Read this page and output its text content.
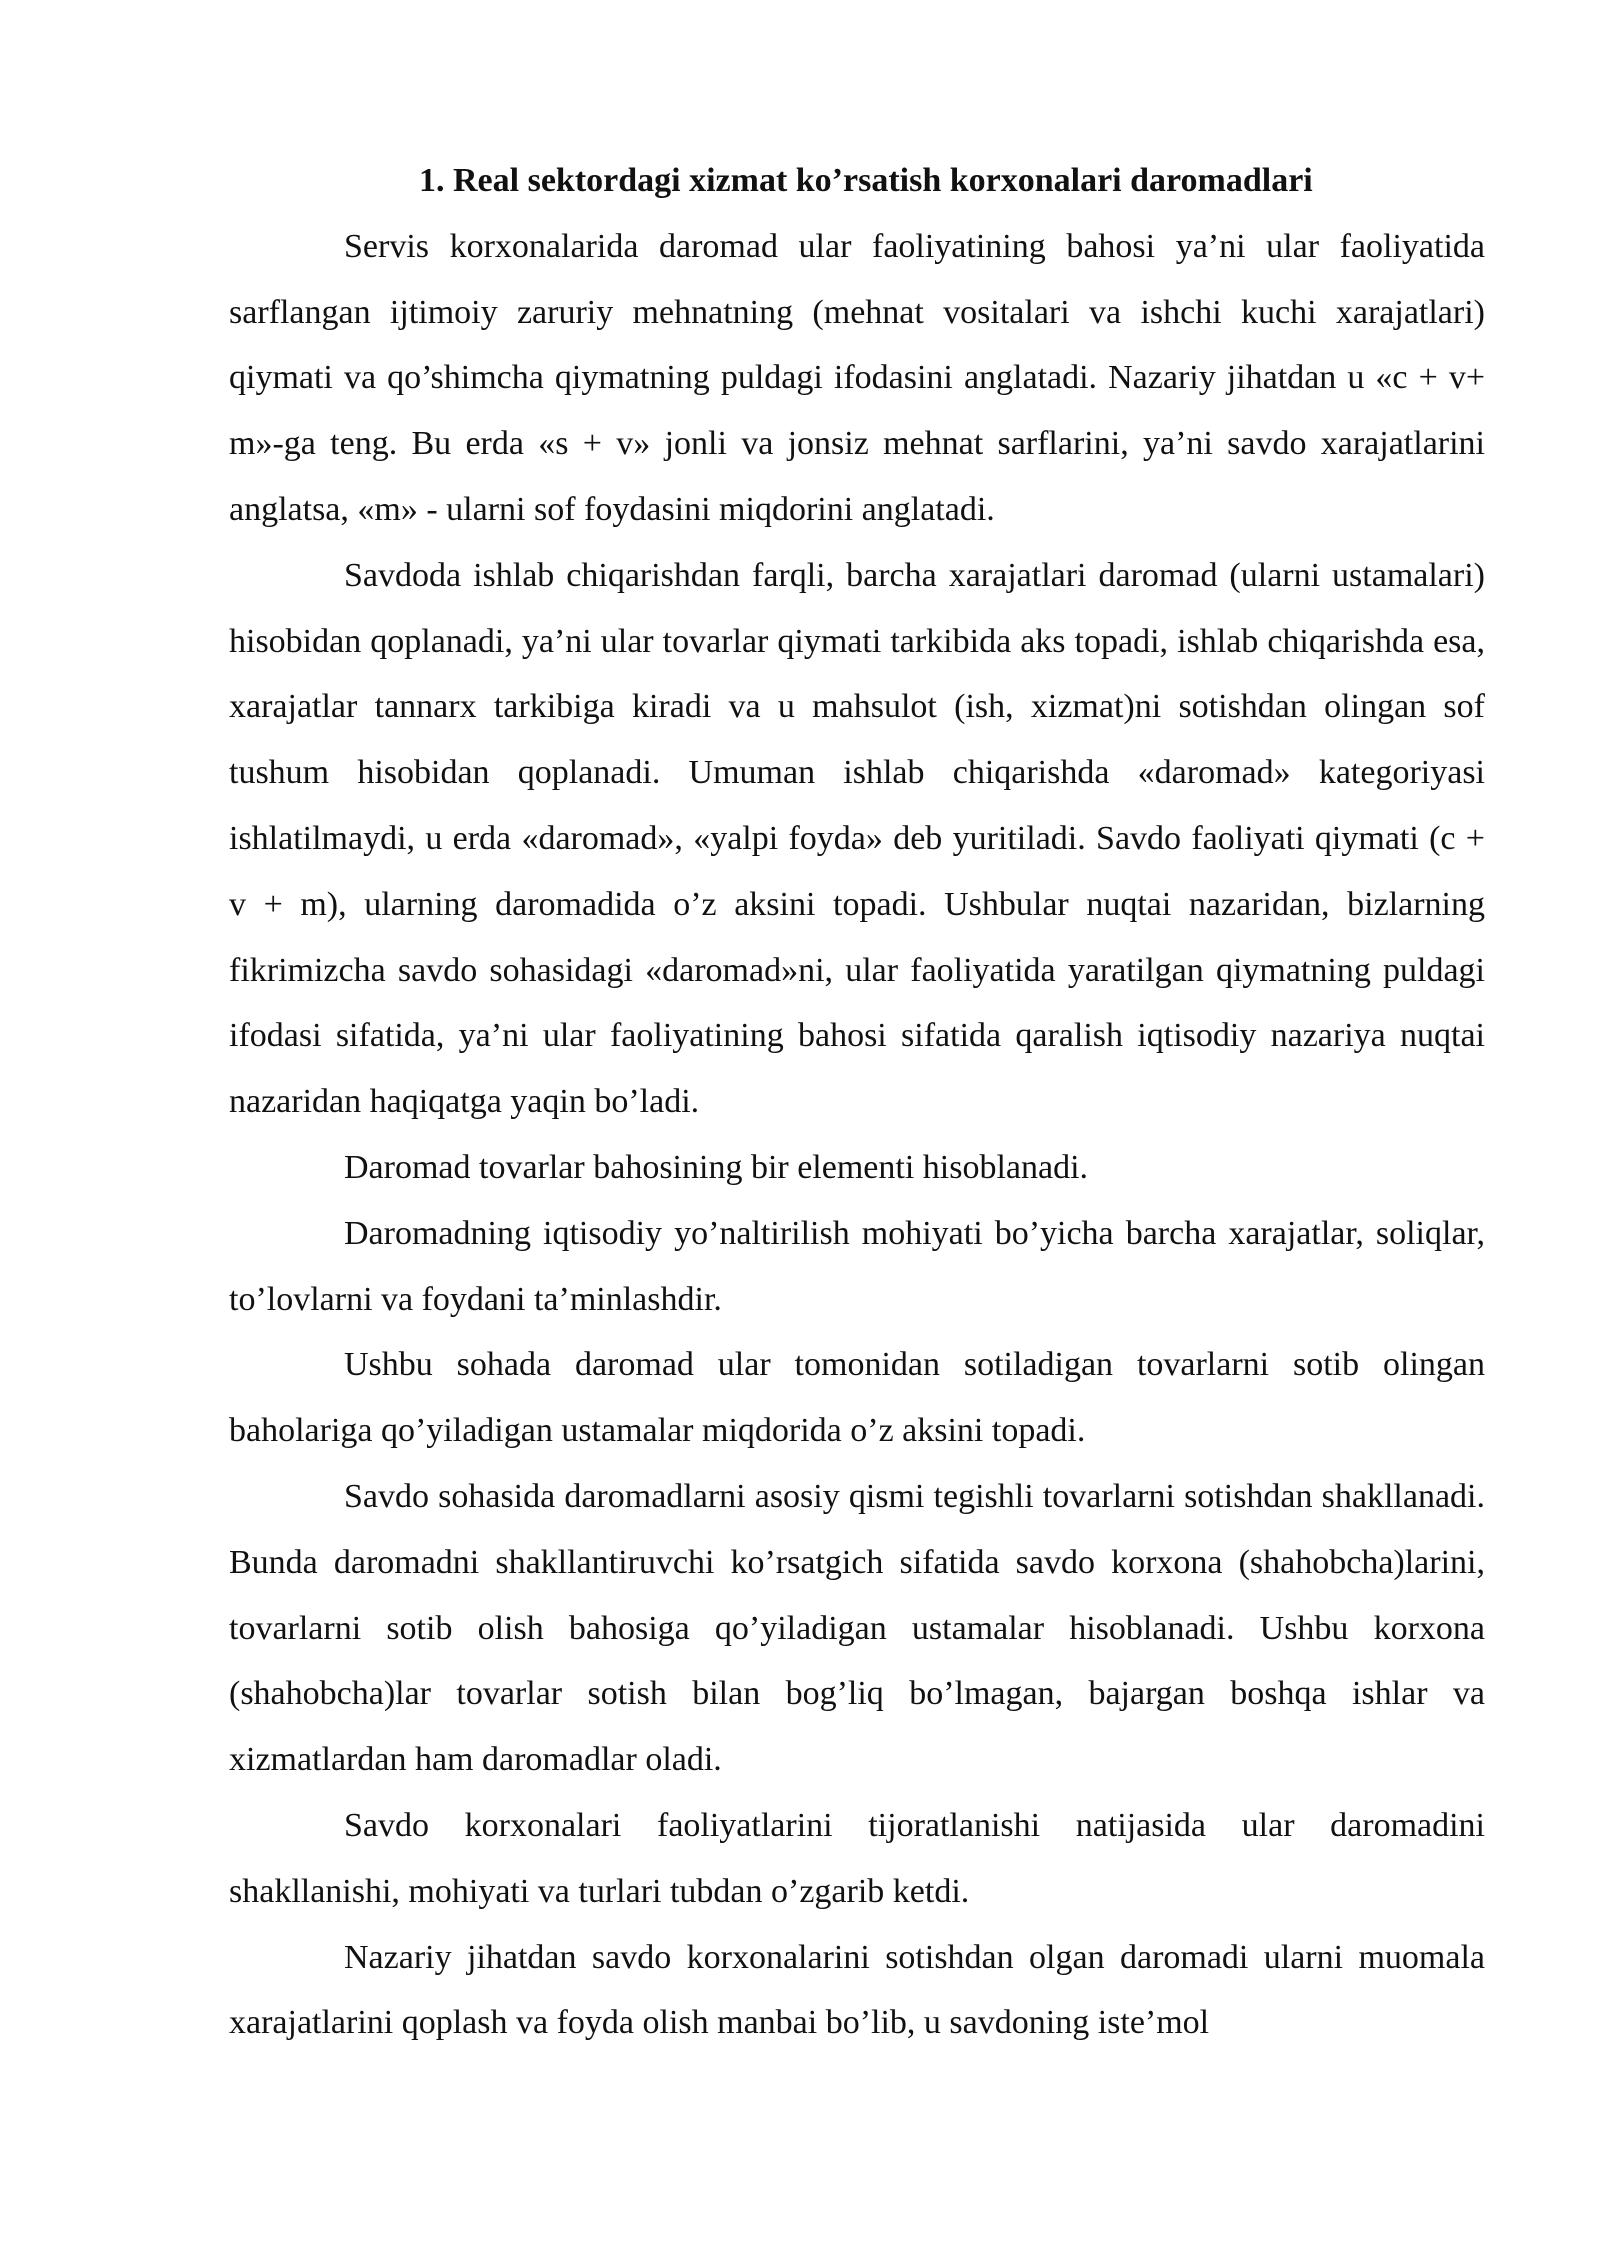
1. Real sektordagi xizmat ko’rsatish korxonalari daromadlari

Servis korxonalarida daromad ular faoliyatining bahosi ya’ni ular faoliyatida sarflangan ijtimoiy zaruriy mehnatning (mehnat vositalari va ishchi kuchi xarajatlari) qiymati va qo’shimcha qiymatning puldagi ifodasini anglatadi. Nazariy jihatdan u «c + v+ m»-ga teng. Bu erda «s + v» jonli va jonsiz mehnat sarflarini, ya’ni savdo xarajatlarini anglatsa, «m» - ularni sof foydasini miqdorini anglatadi.

Savdoda ishlab chiqarishdan farqli, barcha xarajatlari daromad (ularni ustamalari) hisobidan qoplanadi, ya’ni ular tovarlar qiymati tarkibida aks topadi, ishlab chiqarishda esa, xarajatlar tannarx tarkibiga kiradi va u mahsulot (ish, xizmat)ni sotishdan olingan sof tushum hisobidan qoplanadi. Umuman ishlab chiqarishda «daromad» kategoriyasi ishlatilmaydi, u erda «daromad», «yalpi foyda» deb yuritiladi. Savdo faoliyati qiymati (c + v + m), ularning daromadida o’z aksini topadi. Ushbular nuqtai nazaridan, bizlarning fikrimizcha savdo sohasidagi «daromad»ni, ular faoliyatida yaratilgan qiymatning puldagi ifodasi sifatida, ya’ni ular faoliyatining bahosi sifatida qaralish iqtisodiy nazariya nuqtai nazaridan haqiqatga yaqin bo’ladi.

Daromad tovarlar bahosining bir elementi hisoblanadi.

Daromadning iqtisodiy yo’naltirilish mohiyati bo’yicha barcha xarajatlar, soliqlar, to’lovlarni va foydani ta’minlashdir.

Ushbu sohada daromad ular tomonidan sotiladigan tovarlarni sotib olingan baholariga qo’yiladigan ustamalar miqdorida o’z aksini topadi.

Savdo sohasida daromadlarni asosiy qismi tegishli tovarlarni sotishdan shakllanadi. Bunda daromadni shakllantiruvchi ko’rsatgich sifatida savdo korxona (shahobcha)larini, tovarlarni sotib olish bahosiga qo’yiladigan ustamalar hisoblanadi. Ushbu korxona (shahobcha)lar tovarlar sotish bilan bog’liq bo’lmagan, bajargan boshqa ishlar va xizmatlardan ham daromadlar oladi.

Savdo korxonalari faoliyatlarini tijoratlanishi natijasida ular daromadini shakllanishi, mohiyati va turlari tubdan o’zgarib ketdi.

Nazariy jihatdan savdo korxonalarini sotishdan olgan daromadi ularni muomala xarajatlarini qoplash va foyda olish manbai bo’lib, u savdoning iste’mol
